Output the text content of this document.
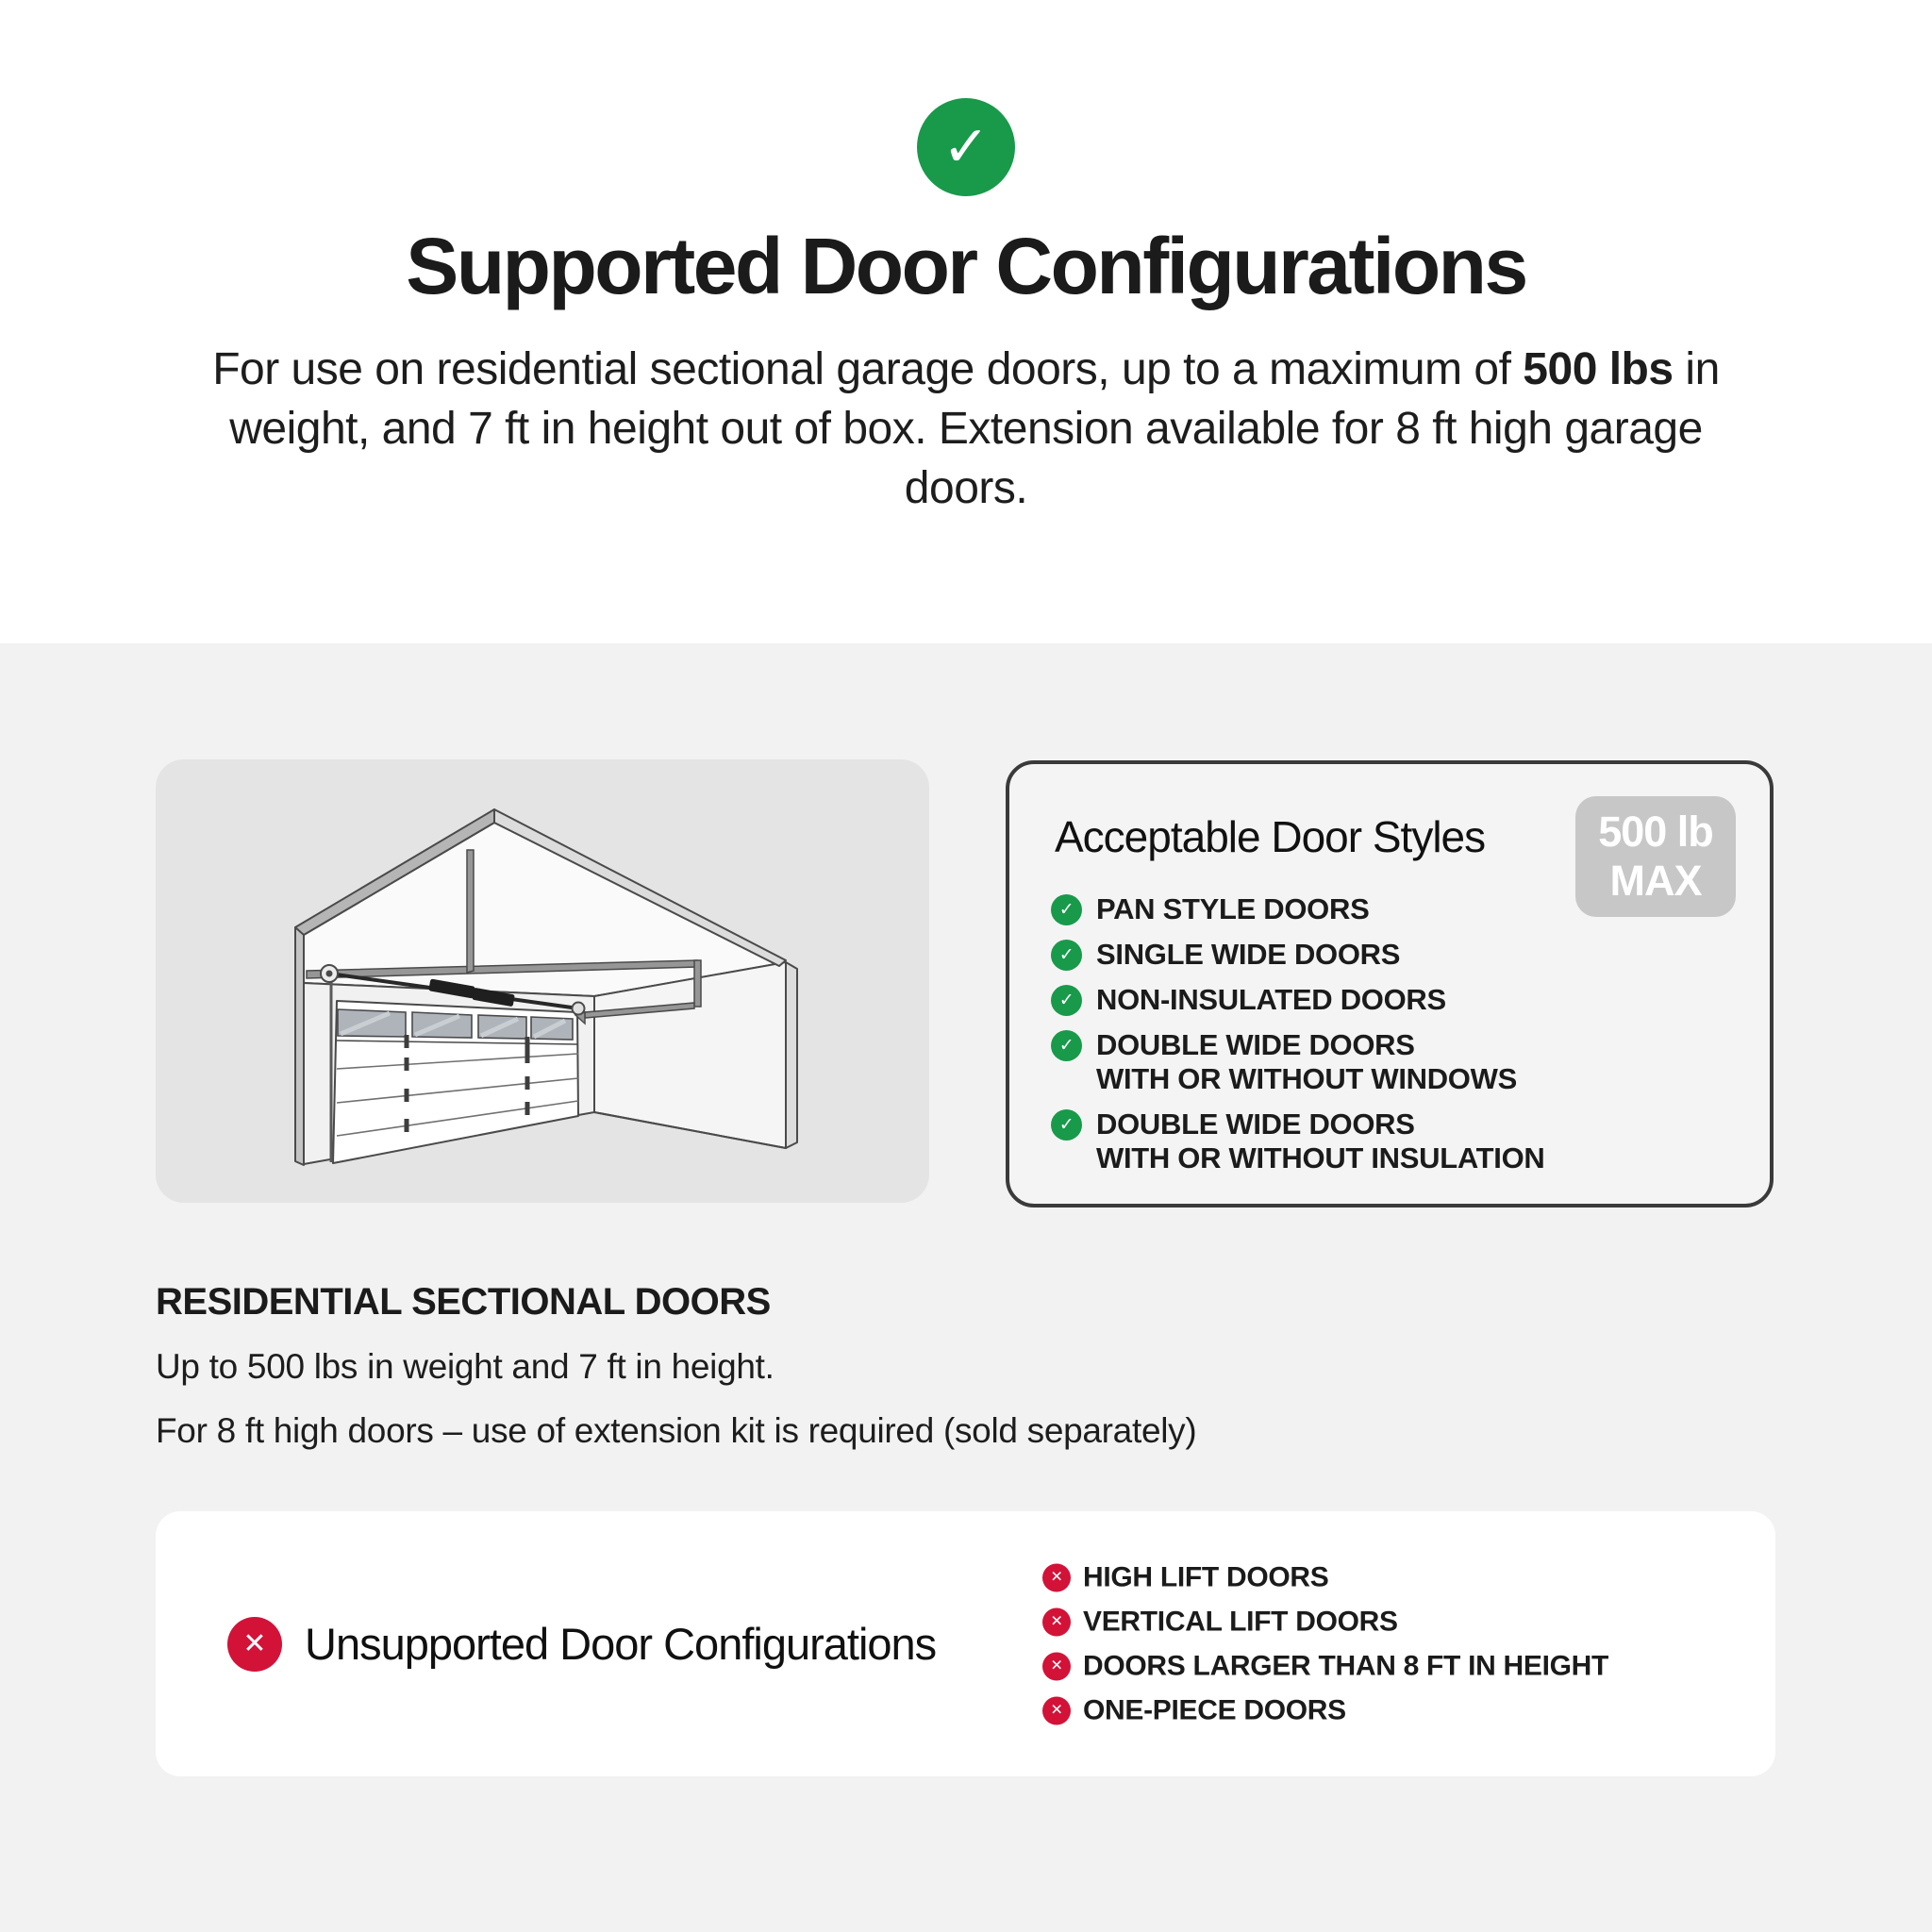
✓
Supported Door Configurations

For use on residential sectional garage doors, up to a maximum of 500 lbs in weight, and 7 ft in height out of box. Extension available for 8 ft high garage doors.

Acceptable Door Styles	500 lb
MAX
✓ PAN STYLE DOORS
✓ SINGLE WIDE DOORS
✓ NON-INSULATED DOORS
✓ DOUBLE WIDE DOORS
WITH OR WITHOUT WINDOWS
✓ DOUBLE WIDE DOORS
WITH OR WITHOUT INSULATION
RESIDENTIAL SECTIONAL DOORS

Up to 500 lbs in weight and 7 ft in height.

For 8 ft high doors – use of extension kit is required (sold separately)

✕ Unsupported Door Configurations
✕ HIGH LIFT DOORS
✕ VERTICAL LIFT DOORS
✕ DOORS LARGER THAN 8 FT IN HEIGHT
✕ ONE-PIECE DOORS
